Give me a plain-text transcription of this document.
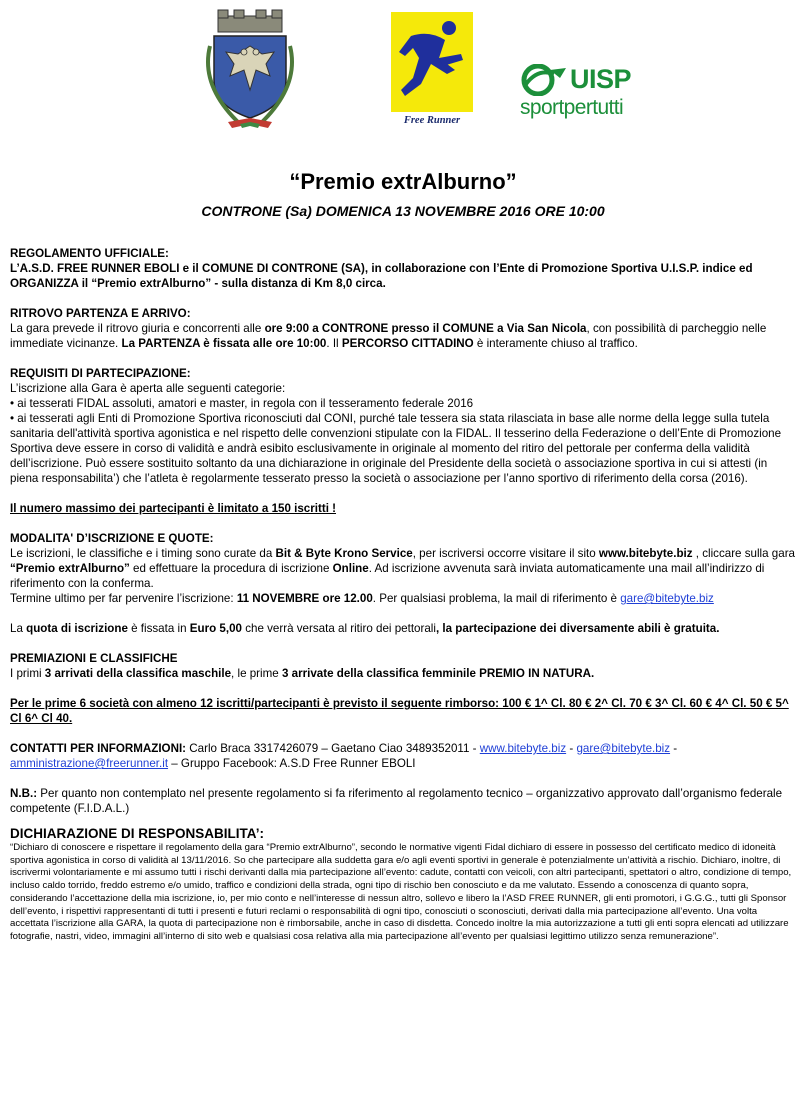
Free Runner
UISP
sportpertutti
“Premio extrAlburno”
CONTRONE (Sa) DOMENICA 13 NOVEMBRE 2016 ORE 10:00

REGOLAMENTO UFFICIALE:

L’A.S.D. FREE RUNNER EBOLI e il COMUNE DI CONTRONE (SA), in collaborazione con l’Ente di Promozione Sportiva U.I.S.P. indice ed ORGANIZZA il “Premio extrAlburno” - sulla distanza di Km 8,0 circa.

RITROVO PARTENZA E ARRIVO:

La gara prevede il ritrovo giuria e concorrenti alle ore 9:00 a CONTRONE presso il COMUNE a Via San Nicola, con possibilità di parcheggio nelle immediate vicinanze. La PARTENZA è fissata alle ore 10:00. Il PERCORSO CITTADINO è interamente chiuso al traffico.

REQUISITI DI PARTECIPAZIONE:

L’iscrizione alla Gara è aperta alle seguenti categorie:

• ai tesserati FIDAL assoluti, amatori e master, in regola con il tesseramento federale 2016

• ai tesserati agli Enti di Promozione Sportiva riconosciuti dal CONI, purché tale tessera sia stata rilasciata in base alle norme della legge sulla tutela sanitaria dell'attività sportiva agonistica e nel rispetto delle convenzioni stipulate con la FIDAL. Il tesserino della Federazione o dell’Ente di Promozione Sportiva deve essere in corso di validità e andrà esibito esclusivamente in originale al momento del ritiro del pettorale per conferma della validità dell’iscrizione. Può essere sostituito soltanto da una dichiarazione in originale del Presidente della società o associazione sportiva in cui si attesti (in piena responsabilita’) che l’atleta è regolarmente tesserato presso la società o associazione per l’anno sportivo di riferimento della corsa (2016).

Il numero massimo dei partecipanti è limitato a 150 iscritti !

MODALITA' D’ISCRIZIONE E QUOTE:

Le iscrizioni, le classifiche e i timing sono curate da Bit & Byte Krono Service, per iscriversi occorre visitare il sito www.bitebyte.biz , cliccare sulla gara “Premio extrAlburno” ed effettuare la procedura di iscrizione Online. Ad iscrizione avvenuta sarà inviata automaticamente una mail all’indirizzo di riferimento con la conferma.

Termine ultimo per far pervenire l’iscrizione: 11 NOVEMBRE ore 12.00. Per qualsiasi problema, la mail di riferimento è gare@bitebyte.biz

La quota di iscrizione è fissata in Euro 5,00 che verrà versata al ritiro dei pettorali, la partecipazione dei diversamente abili è gratuita.

PREMIAZIONI E CLASSIFICHE

I primi 3 arrivati della classifica maschile, le prime 3 arrivate della classifica femminile PREMIO IN NATURA.

Per le prime 6 società con almeno 12 iscritti/partecipanti è previsto il seguente rimborso: 100 € 1^ Cl. 80 € 2^ Cl. 70 € 3^ Cl. 60 € 4^ Cl. 50 € 5^ Cl 6^ Cl 40.

CONTATTI PER INFORMAZIONI: Carlo Braca 3317426079 – Gaetano Ciao 3489352011 - www.bitebyte.biz - gare@bitebyte.biz - amministrazione@freerunner.it – Gruppo Facebook: A.S.D Free Runner EBOLI

N.B.: Per quanto non contemplato nel presente regolamento si fa riferimento al regolamento tecnico – organizzativo approvato dall’organismo federale competente (F.I.D.A.L.)

DICHIARAZIONE DI RESPONSABILITA’:

“Dichiaro di conoscere e rispettare il regolamento della gara “Premio extrAlburno”, secondo le normative vigenti Fidal dichiaro di essere in possesso del certificato medico di idoneità sportiva agonistica in corso di validità al 13/11/2016. So che partecipare alla suddetta gara e/o agli eventi sportivi in generale è potenzialmente un’attività a rischio. Dichiaro, inoltre, di iscrivermi volontariamente e mi assumo tutti i rischi derivanti dalla mia partecipazione all’evento: cadute, contatti con veicoli, con altri partecipanti, spettatori o altro, condizione di tempo, incluso caldo torrido, freddo estremo e/o umido, traffico e condizioni della strada, ogni tipo di rischio ben conosciuto e da me valutato. Essendo a conoscenza di quanto sopra, considerando l’accettazione della mia iscrizione, io, per mio conto e nell’interesse di nessun altro, sollevo e libero la l’ASD FREE RUNNER, gli enti promotori, i G.G.G., tutti gli Sponsor dell’evento, i rispettivi rappresentanti di tutti i presenti e futuri reclami o responsabilità di ogni tipo, conosciuti o sconosciuti, derivati dalla mia partecipazione all’evento. Una volta accettata l’iscrizione alla GARA, la quota di partecipazione non è rimborsabile, anche in caso di disdetta. Concedo inoltre la mia autorizzazione a tutti gli enti sopra elencati ad utilizzare fotografie, nastri, video, immagini all’interno di sito web e qualsiasi cosa relativa alla mia partecipazione all’evento per qualsiasi legittimo utilizzo senza remunerazione”.
